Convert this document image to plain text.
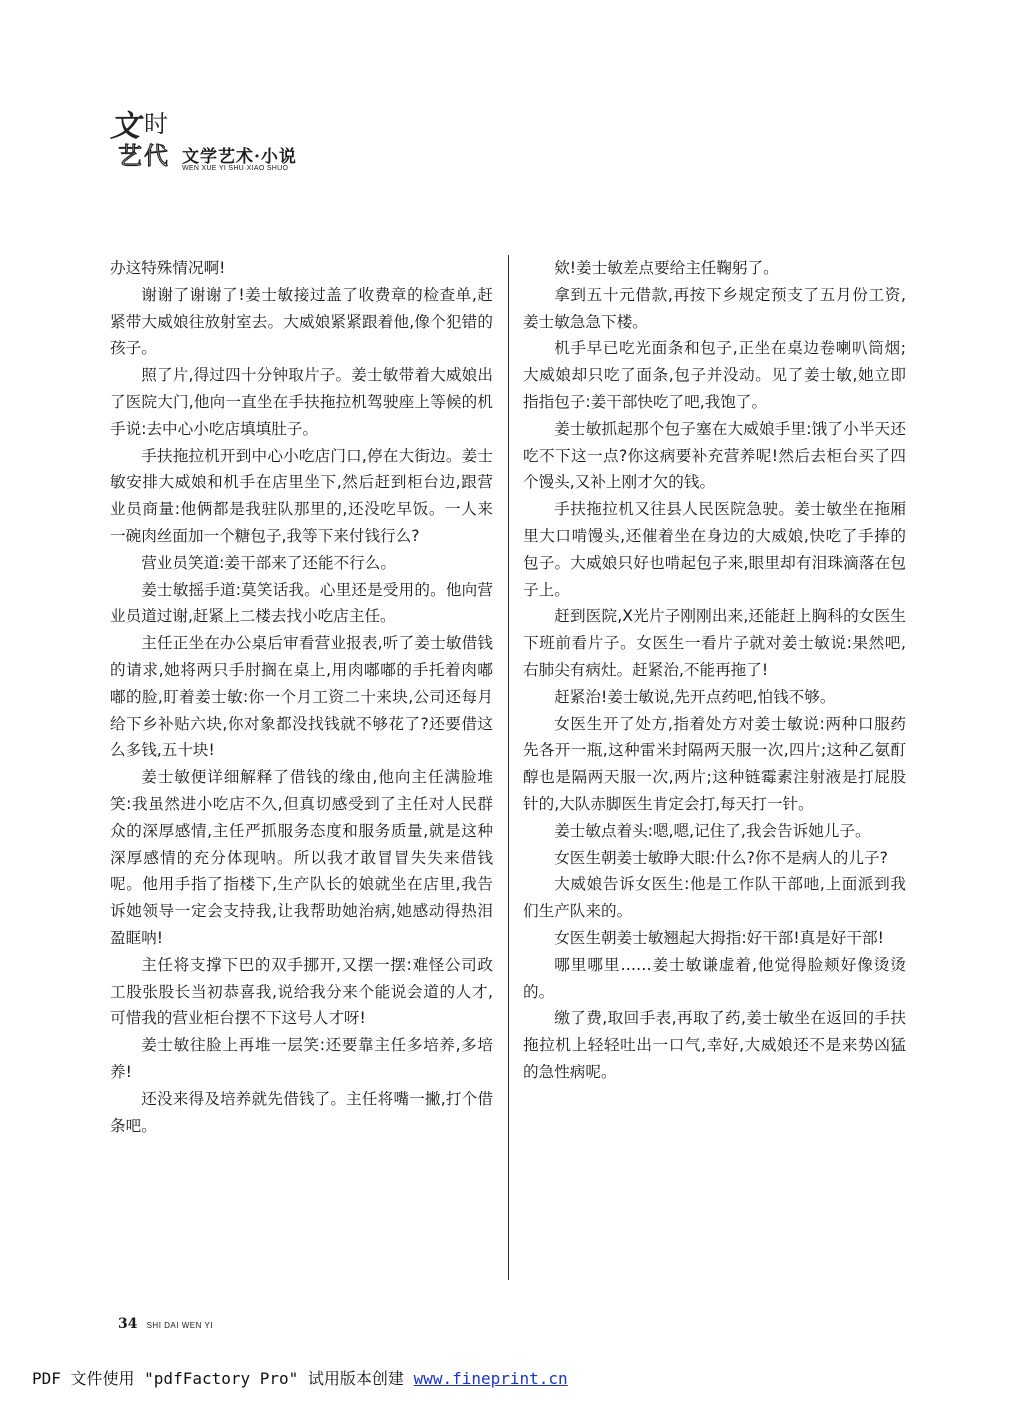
文 时
艺 代 文学艺术·小说
WEN XUE YI SHU·XIAO SHUO

办这特殊情况啊!

谢谢了谢谢了!姜士敏接过盖了收费章的检查单,赶紧带大威娘往放射室去。大威娘紧紧跟着他,像个犯错的孩子。

照了片,得过四十分钟取片子。姜士敏带着大威娘出了医院大门,他向一直坐在手扶拖拉机驾驶座上等候的机手说:去中心小吃店填填肚子。

手扶拖拉机开到中心小吃店门口,停在大街边。姜士敏安排大威娘和机手在店里坐下,然后赶到柜台边,跟营业员商量:他俩都是我驻队那里的,还没吃早饭。一人来一碗肉丝面加一个糖包子,我等下来付钱行么?

营业员笑道:姜干部来了还能不行么。

姜士敏摇手道:莫笑话我。心里还是受用的。他向营业员道过谢,赶紧上二楼去找小吃店主任。

主任正坐在办公桌后审看营业报表,听了姜士敏借钱的请求,她将两只手肘搁在桌上,用肉嘟嘟的手托着肉嘟嘟的脸,盯着姜士敏:你一个月工资二十来块,公司还每月给下乡补贴六块,你对象都没找钱就不够花了?还要借这么多钱,五十块!

姜士敏便详细解释了借钱的缘由,他向主任满脸堆笑:我虽然进小吃店不久,但真切感受到了主任对人民群众的深厚感情,主任严抓服务态度和服务质量,就是这种深厚感情的充分体现呐。所以我才敢冒冒失失来借钱呢。他用手指了指楼下,生产队长的娘就坐在店里,我告诉她领导一定会支持我,让我帮助她治病,她感动得热泪盈眶呐!

主任将支撑下巴的双手挪开,又摆一摆:难怪公司政工股张股长当初恭喜我,说给我分来个能说会道的人才,可惜我的营业柜台摆不下这号人才呀!

姜士敏往脸上再堆一层笑:还要靠主任多培养,多培养!

还没来得及培养就先借钱了。主任将嘴一撇,打个借条吧。

欸!姜士敏差点要给主任鞠躬了。

拿到五十元借款,再按下乡规定预支了五月份工资,姜士敏急急下楼。

机手早已吃光面条和包子,正坐在桌边卷喇叭筒烟;大威娘却只吃了面条,包子并没动。见了姜士敏,她立即指指包子:姜干部快吃了吧,我饱了。

姜士敏抓起那个包子塞在大威娘手里:饿了小半天还吃不下这一点?你这病要补充营养呢!然后去柜台买了四个馒头,又补上刚才欠的钱。

手扶拖拉机又往县人民医院急驶。姜士敏坐在拖厢里大口啃馒头,还催着坐在身边的大威娘,快吃了手捧的包子。大威娘只好也啃起包子来,眼里却有泪珠滴落在包子上。

赶到医院,X光片子刚刚出来,还能赶上胸科的女医生下班前看片子。女医生一看片子就对姜士敏说:果然吧,右肺尖有病灶。赶紧治,不能再拖了!

赶紧治!姜士敏说,先开点药吧,怕钱不够。

女医生开了处方,指着处方对姜士敏说:两种口服药先各开一瓶,这种雷米封隔两天服一次,四片;这种乙氨酊醇也是隔两天服一次,两片;这种链霉素注射液是打屁股针的,大队赤脚医生肯定会打,每天打一针。

姜士敏点着头:嗯,嗯,记住了,我会告诉她儿子。

女医生朝姜士敏睁大眼:什么?你不是病人的儿子?

大威娘告诉女医生:他是工作队干部吔,上面派到我们生产队来的。

女医生朝姜士敏翘起大拇指:好干部!真是好干部!

哪里哪里……姜士敏谦虚着,他觉得脸颊好像烫烫的。

缴了费,取回手表,再取了药,姜士敏坐在返回的手扶拖拉机上轻轻吐出一口气,幸好,大威娘还不是来势凶猛的急性病呢。

34 SHI DAI WEN YI
PDF 文件使用 "pdfFactory Pro" 试用版本创建 www.fineprint.cn
